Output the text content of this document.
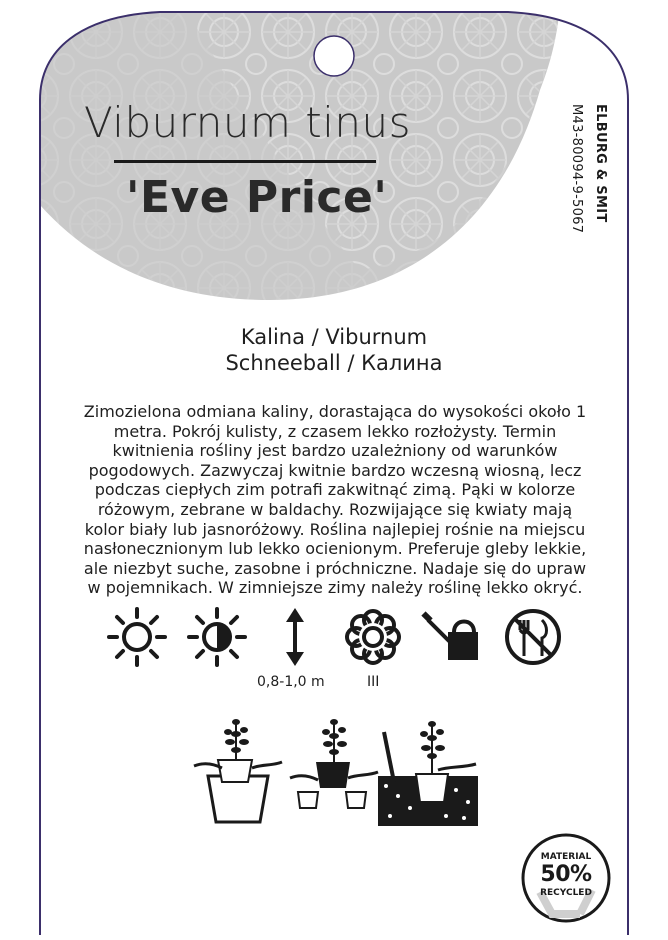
Viburnum tinus
'Eve Price'	ELBURG & SMIT
M43-80094-9-5067
Kalina / Viburnum
Schneeball / Калина
Zimozielona odmiana kaliny, dorastająca do wysokości około 1 metra. Pokrój kulisty, z czasem lekko rozłożysty. Termin kwitnienia rośliny jest bardzo uzależniony od warunków pogodowych. Zazwyczaj kwitnie bardzo wczesną wiosną, lecz podczas ciepłych zim potrafi zakwitnąć zimą. Pąki w kolorze różowym, zebrane w baldachy. Rozwijające się kwiaty mają kolor biały lub jasnoróżowy. Roślina najlepiej rośnie na miejscu nasłonecznionym lub lekko ocienionym. Preferuje gleby lekkie, ale niezbyt suche, zasobne i próchniczne. Nadaje się do upraw w pojemnikach. W zimniejsze zimy należy roślinę lekko okryć.
0,8-1,0 m	III
MATERIAL
50%
RECYCLED
